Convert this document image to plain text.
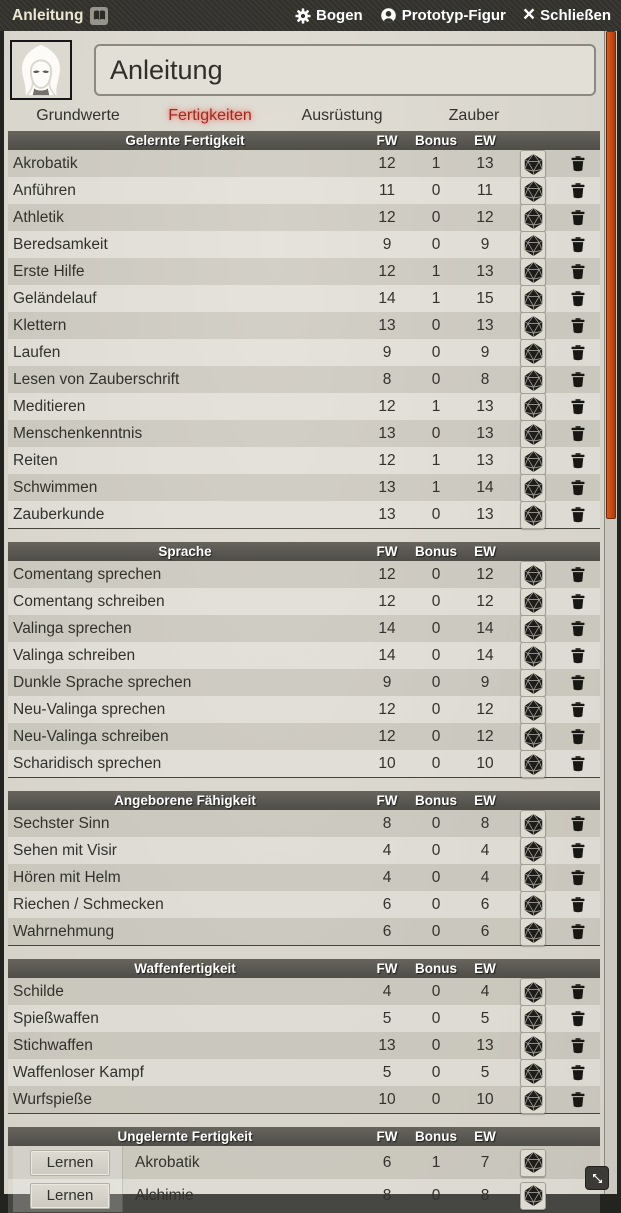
Anleitung	Bogen	Prototyp-Figur × Schließen
Anleitung
Grundwerte	Fertigkeiten	Ausrüstung	Zauber
Gelernte Fertigkeit	FW	Bonus	EW
Akrobatik	12	1	13
Anführen	11	0	11
Athletik	12	0	12
Beredsamkeit	9	0	9
Erste Hilfe	12	1	13
Geländelauf	14	1	15
Klettern	13	0	13
Laufen	9	0	9
Lesen von Zauberschrift	8	0	8
Meditieren	12	1	13
Menschenkenntnis	13	0	13
Reiten	12	1	13
Schwimmen	13	1	14
Zauberkunde	13	0	13
Sprache	FW	Bonus	EW
Comentang sprechen	12	0	12
Comentang schreiben	12	0	12
Valinga sprechen	14	0	14
Valinga schreiben	14	0	14
Dunkle Sprache sprechen	9	0	9
Neu-Valinga sprechen	12	0	12
Neu-Valinga schreiben	12	0	12
Scharidisch sprechen	10	0	10
Angeborene Fähigkeit	FW	Bonus	EW
Sechster Sinn	8	0	8
Sehen mit Visir	4	0	4
Hören mit Helm	4	0	4
Riechen / Schmecken	6	0	6
Wahrnehmung	6	0	6
Waffenfertigkeit	FW	Bonus	EW
Schilde	4	0	4
Spießwaffen	5	0	5
Stichwaffen	13	0	13
Waffenloser Kampf	5	0	5
Wurfspieße	10	0	10
Ungelernte Fertigkeit	FW	Bonus	EW
Lernen	Akrobatik	6	1	7
Lernen	Alchimie	8	0	8
